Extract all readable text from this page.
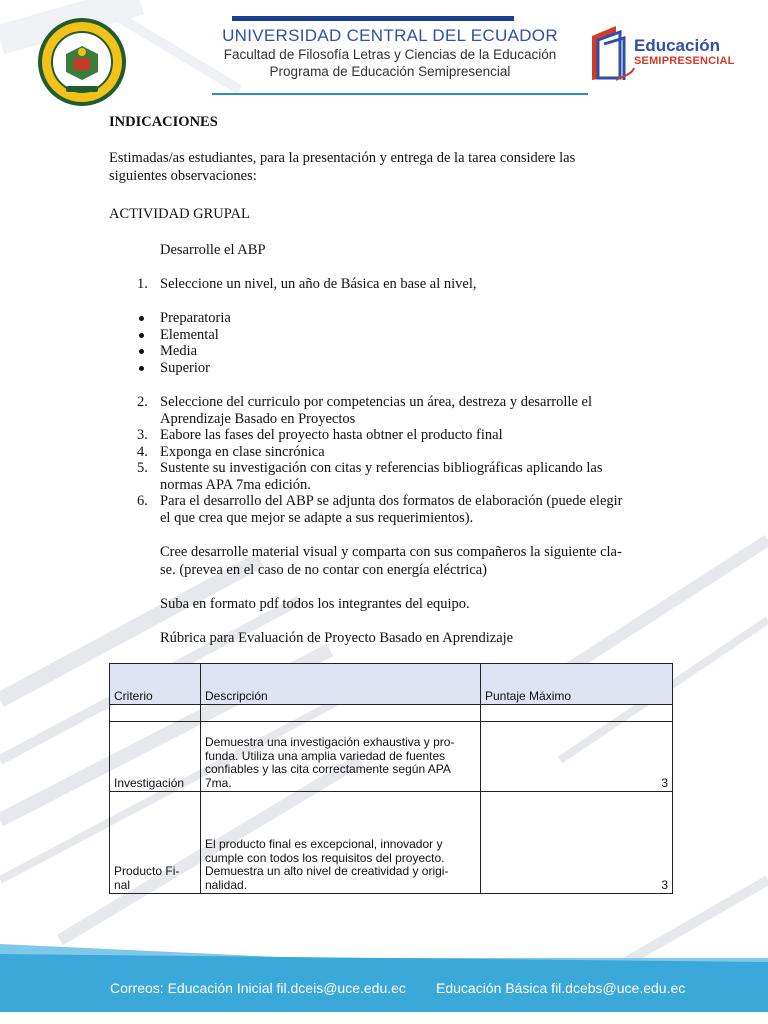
UNIVERSIDAD CENTRAL DEL ECUADOR
Facultad de Filosofía Letras y Ciencias de la Educación
Programa de Educación Semipresencial
Educación
SEMIPRESENCIAL

INDICACIONES

Estimadas/as estudiantes, para la presentación y entrega de la tarea considere las

siguientes observaciones:

ACTIVIDAD GRUPAL

Desarrolle el ABP

1. Seleccione un nivel, un año de Básica en base al nivel,
Preparatoria
Elemental
Media
Superior
2. Seleccione del curriculo por competencias un área, destreza y desarrolle el
Aprendizaje Basado en Proyectos
3. Eabore las fases del proyecto hasta obtner el producto final
4. Exponga en clase sincrónica
5. Sustente su investigación con citas y referencias bibliográficas aplicando las
normas APA 7ma edición.
6. Para el desarrollo del ABP se adjunta dos formatos de elaboración (puede elegir
el que crea que mejor se adapte a sus requerimientos).

Cree desarrolle material visual y comparta con sus compañeros la siguiente cla-

se. (prevea en el caso de no contar con energía eléctrica)

Suba en formato pdf todos los integrantes del equipo.

Rúbrica para Evaluación de Proyecto Basado en Aprendizaje

Criterio	Descripción	Puntaje Máximo

Investigación	Demuestra una investigación exhaustiva y pro-
funda. Utiliza una amplia variedad de fuentes
confiables y las cita correctamente según APA
7ma.	3
Producto Fi-
nal	El producto final es excepcional, innovador y
cumple con todos los requisitos del proyecto.
Demuestra un alto nivel de creatividad y origi-
nalidad.	3
Correos: Educación Inicial fil.dceis@uce.edu.ec Educación Básica fil.dcebs@uce.edu.ec
